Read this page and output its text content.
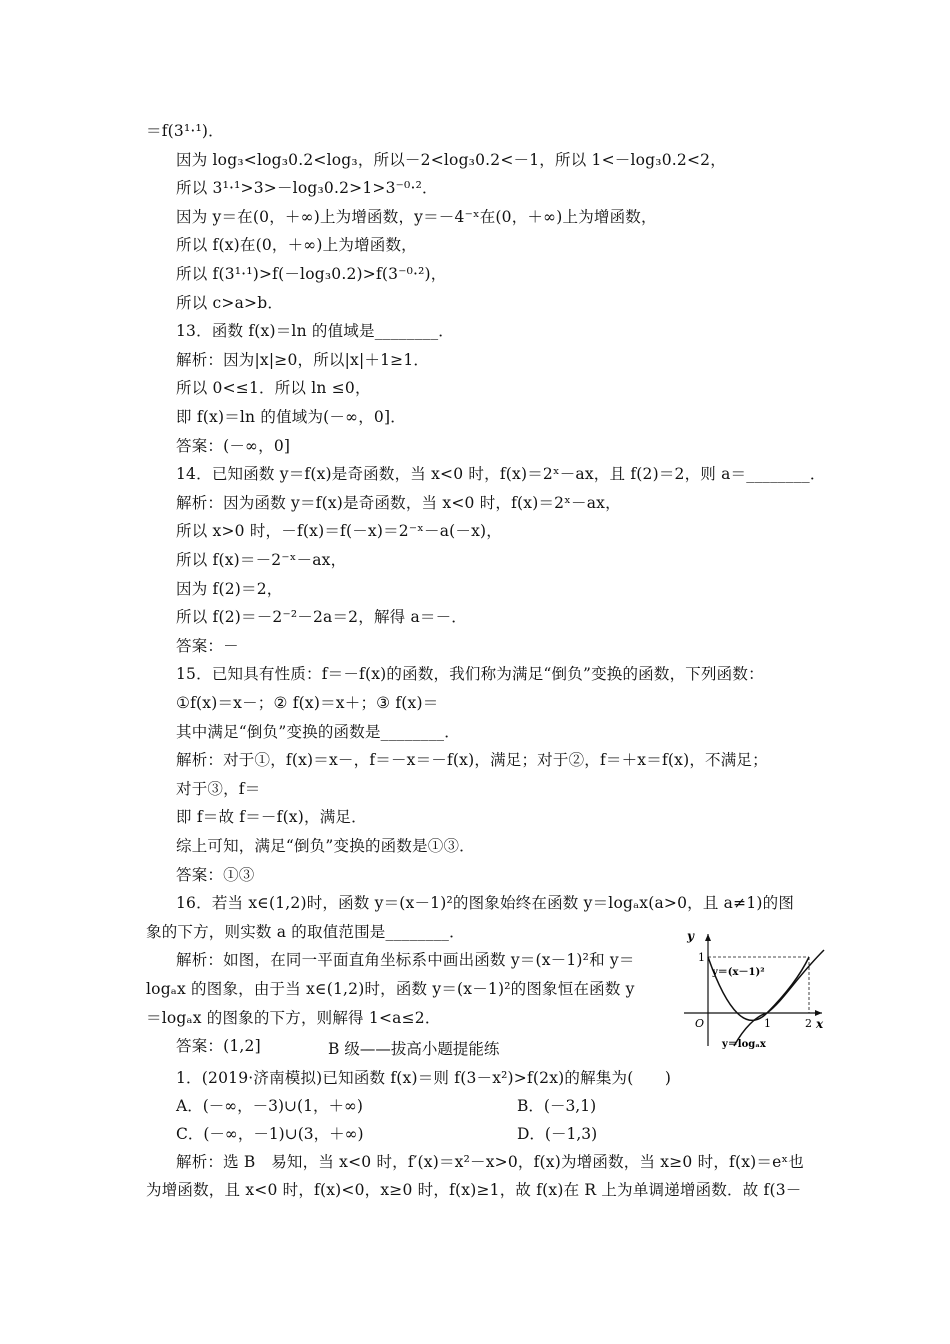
＝f(3¹·¹)．
因为 log₃<log₃0.2<log₃，所以－2<log₃0.2<－1，所以 1<－log₃0.2<2，
所以 3¹·¹>3>－log₃0.2>1>3⁻⁰·²．
因为 y＝在(0，＋∞)上为增函数，y＝－4⁻ˣ在(0，＋∞)上为增函数，
所以 f(x)在(0，＋∞)上为增函数，
所以 f(3¹·¹)>f(－log₃0.2)>f(3⁻⁰·²)，
所以 c>a>b．
13．函数 f(x)＝ln 的值域是________．
解析：因为|x|≥0，所以|x|＋1≥1．
所以 0<≤1．所以 ln ≤0，
即 f(x)＝ln 的值域为(－∞，0]．
答案：(－∞，0]
14．已知函数 y＝f(x)是奇函数，当 x<0 时，f(x)＝2ˣ－ax，且 f(2)＝2，则 a＝________．
解析：因为函数 y＝f(x)是奇函数，当 x<0 时，f(x)＝2ˣ－ax，
所以 x>0 时，－f(x)＝f(－x)＝2⁻ˣ－a(－x)，
所以 f(x)＝－2⁻ˣ－ax，
因为 f(2)＝2，
所以 f(2)＝－2⁻²－2a＝2，解得 a＝－．
答案：－
15．已知具有性质：f＝－f(x)的函数，我们称为满足“倒负”变换的函数，下列函数：
①f(x)＝x－；② f(x)＝x＋；③ f(x)＝
其中满足“倒负”变换的函数是________．
解析：对于①，f(x)＝x－，f＝－x＝－f(x)，满足；对于②，f＝＋x＝f(x)，不满足；
对于③，f＝
即 f＝故 f＝－f(x)，满足．
综上可知，满足“倒负”变换的函数是①③．
答案：①③
16．若当 x∈(1,2)时，函数 y＝(x－1)²的图象始终在函数 y＝logₐx(a>0，且 a≠1)的图
象的下方，则实数 a 的取值范围是________．
解析：如图，在同一平面直角坐标系中画出函数 y＝(x－1)²和 y＝
logₐx 的图象，由于当 x∈(1,2)时，函数 y＝(x－1)²的图象恒在函数 y
＝logₐx 的图象的下方，则解得 1<a≤2．
答案：(1,2]	B 级——拔高小题提能练
1．(2019·济南模拟)已知函数 f(x)＝则 f(3－x²)>f(2x)的解集为(　　)
A．(－∞，－3)∪(1，＋∞)	B．(－3,1)
C．(－∞，－1)∪(3，＋∞)	D．(－1,3)
解析：选 B　易知，当 x<0 时，f′(x)＝x²－x>0，f(x)为增函数，当 x≥0 时，f(x)＝eˣ也
为增函数，且 x<0 时，f(x)<0，x≥0 时，f(x)≥1，故 f(x)在 R 上为单调递增函数．故 f(3－
y
x
O
1
1	2
y＝(x－1)²
y＝logₐx
